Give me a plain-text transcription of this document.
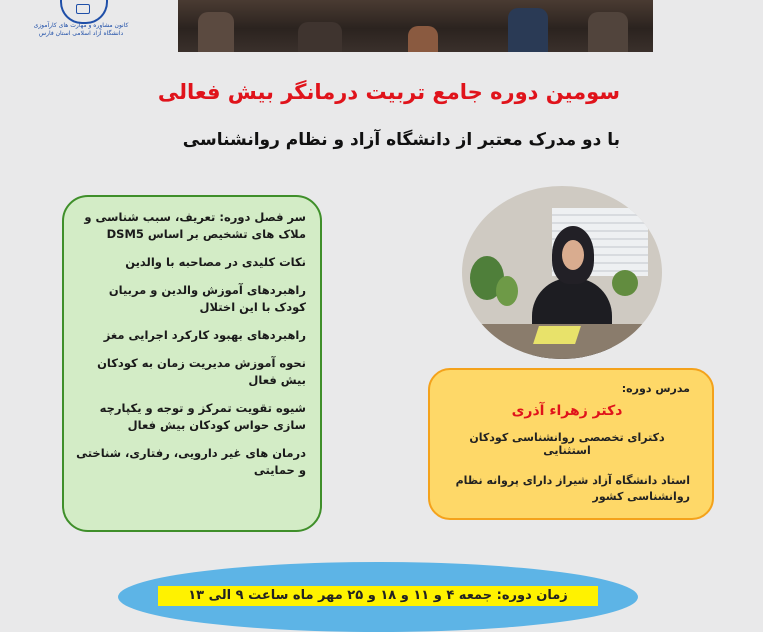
کانون مشاوره و مهارت های کارآموزی دانشگاه آزاد اسلامی استان فارس
سومین دوره جامع تربیت درمانگر بیش فعالی
با دو مدرک معتبر از دانشگاه آزاد و نظام روانشناسی
سر فصل دوره: تعریف، سبب شناسی و ملاک های تشخیص بر اساس DSM5
نکات کلیدی در مصاحبه با والدین
راهبردهای آموزش والدین و مربیان کودک با این اختلال
راهبردهای بهبود کارکرد اجرایی مغز
نحوه آموزش مدیریت زمان به کودکان بیش فعال
شیوه تقویت تمرکز و توجه و یکپارچه سازی حواس کودکان بیش فعال
درمان های غیر دارویی، رفتاری، شناختی و حمایتی
مدرس دوره:
دکتر زهراء آذری
دکترای تخصصی روانشناسی کودکان استثنایی
استاد دانشگاه آزاد شیراز دارای پروانه نظام روانشناسی کشور
زمان دوره: جمعه ۴ و ۱۱ و ۱۸ و ۲۵ مهر ماه ساعت ۹ الی ۱۳
